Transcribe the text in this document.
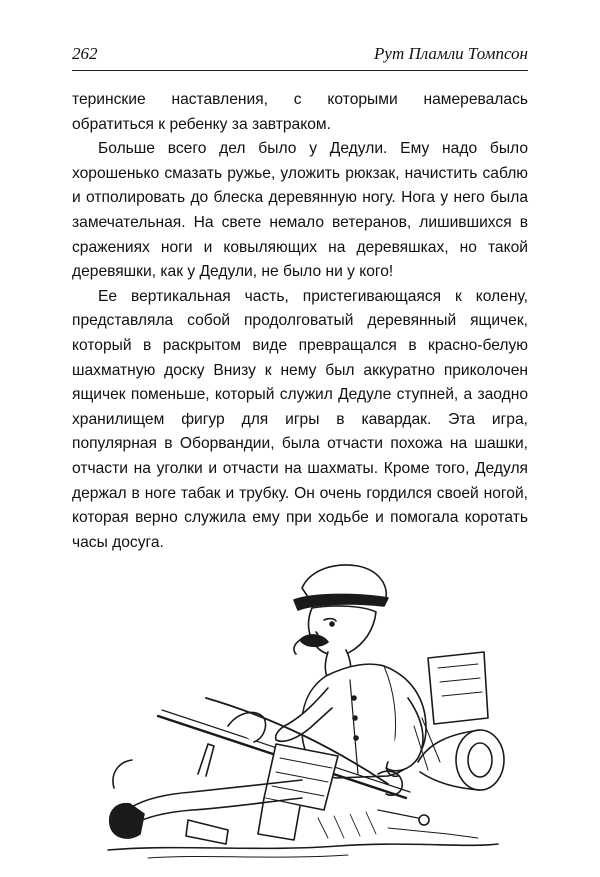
262	Рут Пламли Томпсон

теринские наставления, с которыми намеревалась обратиться к ребенку за завтраком.

Больше всего дел было у Дедули. Ему надо было хорошенько смазать ружье, уложить рюкзак, начистить саблю и отполировать до блеска деревянную ногу. Нога у него была замечательная. На свете немало ветеранов, лишившихся в сражениях ноги и ковыляющих на деревяшках, но такой деревяшки, как у Дедули, не было ни у кого!

Ее вертикальная часть, пристегивающаяся к колену, представляла собой продолговатый деревянный ящичек, который в раскрытом виде превращался в красно-белую шахматную доску Внизу к нему был аккуратно приколочен ящичек поменьше, который служил Дедуле ступней, а заодно хранилищем фигур для игры в кавардак. Эта игра, популярная в Оборвандии, была отчасти похожа на шашки, отчасти на уголки и отчасти на шахматы. Кроме того, Дедуля держал в ноге табак и трубку. Он очень гордился своей ногой, которая верно служила ему при ходьбе и помогала коротать часы досуга.
